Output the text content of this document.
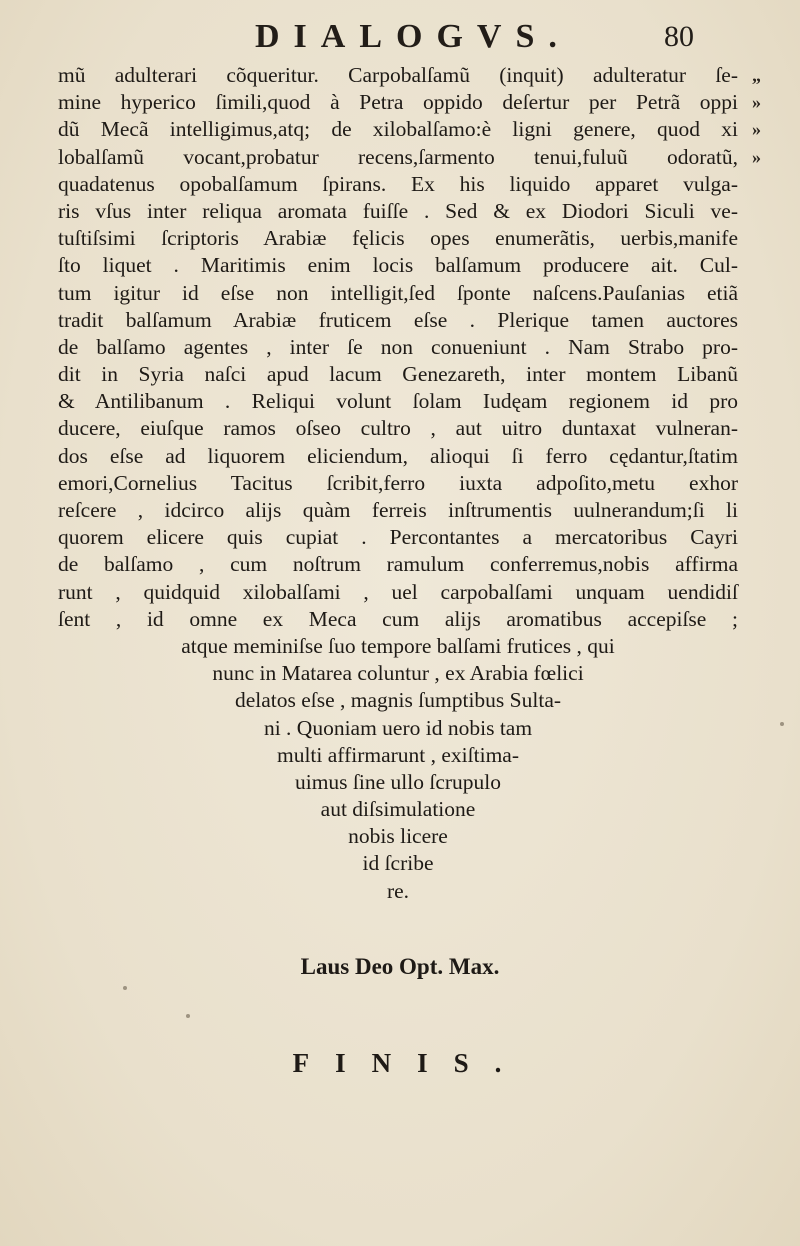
DIALOGVS.	80
mũ adulterari cõqueritur. Carpobalſamũ (inquit) adulteratur ſe-
mine hyperico ſimili,quod à Petra oppido deſertur per Petrã oppi
dũ Mecã intelligimus,atq; de xilobalſamo:è ligni genere, quod xi
lobalſamũ vocant,probatur recens,ſarmento tenui,fuluũ odoratũ,
quadatenus opobalſamum ſpirans. Ex his liquido apparet vulga-
ris vſus inter reliqua aromata fuiſſe . Sed & ex Diodori Siculi ve-
tuſtiſsimi ſcriptoris Arabiæ fęlicis opes enumerãtis, uerbis,manife
ſto liquet . Maritimis enim locis balſamum producere ait. Cul-
tum igitur id eſse non intelligit,ſed ſponte naſcens.Pauſanias etiã
tradit balſamum Arabiæ fruticem eſse . Plerique tamen auctores
de balſamo agentes , inter ſe non conueniunt . Nam Strabo pro-
dit in Syria naſci apud lacum Genezareth, inter montem Libanũ
& Antilibanum . Reliqui volunt ſolam Iudęam regionem id pro
ducere, eiuſque ramos oſseo cultro , aut uitro duntaxat vulneran-
dos eſse ad liquorem eliciendum, alioqui ſi ferro cędantur,ſtatim
emori,Cornelius Tacitus ſcribit,ferro iuxta adpoſito,metu exhor
reſcere , idcirco alijs quàm ferreis inſtrumentis uulnerandum;ſi li
quorem elicere quis cupiat . Percontantes a mercatoribus Cayri
de balſamo , cum noſtrum ramulum conferremus,nobis affirma
runt , quidquid xilobalſami , uel carpobalſami unquam uendidiſ
ſent , id omne ex Meca cum alijs aromatibus accepiſse ;
atque meminiſse ſuo tempore balſami frutices , qui
nunc in Matarea coluntur , ex Arabia fœlici
delatos eſse , magnis ſumptibus Sulta-
ni . Quoniam uero id nobis tam
multi affirmarunt , exiſtima-
uimus ſine ullo ſcrupulo
aut diſsimulatione
nobis licere
id ſcribe
re.
„
»
»
»
Laus Deo Opt. Max.
FINIS.
